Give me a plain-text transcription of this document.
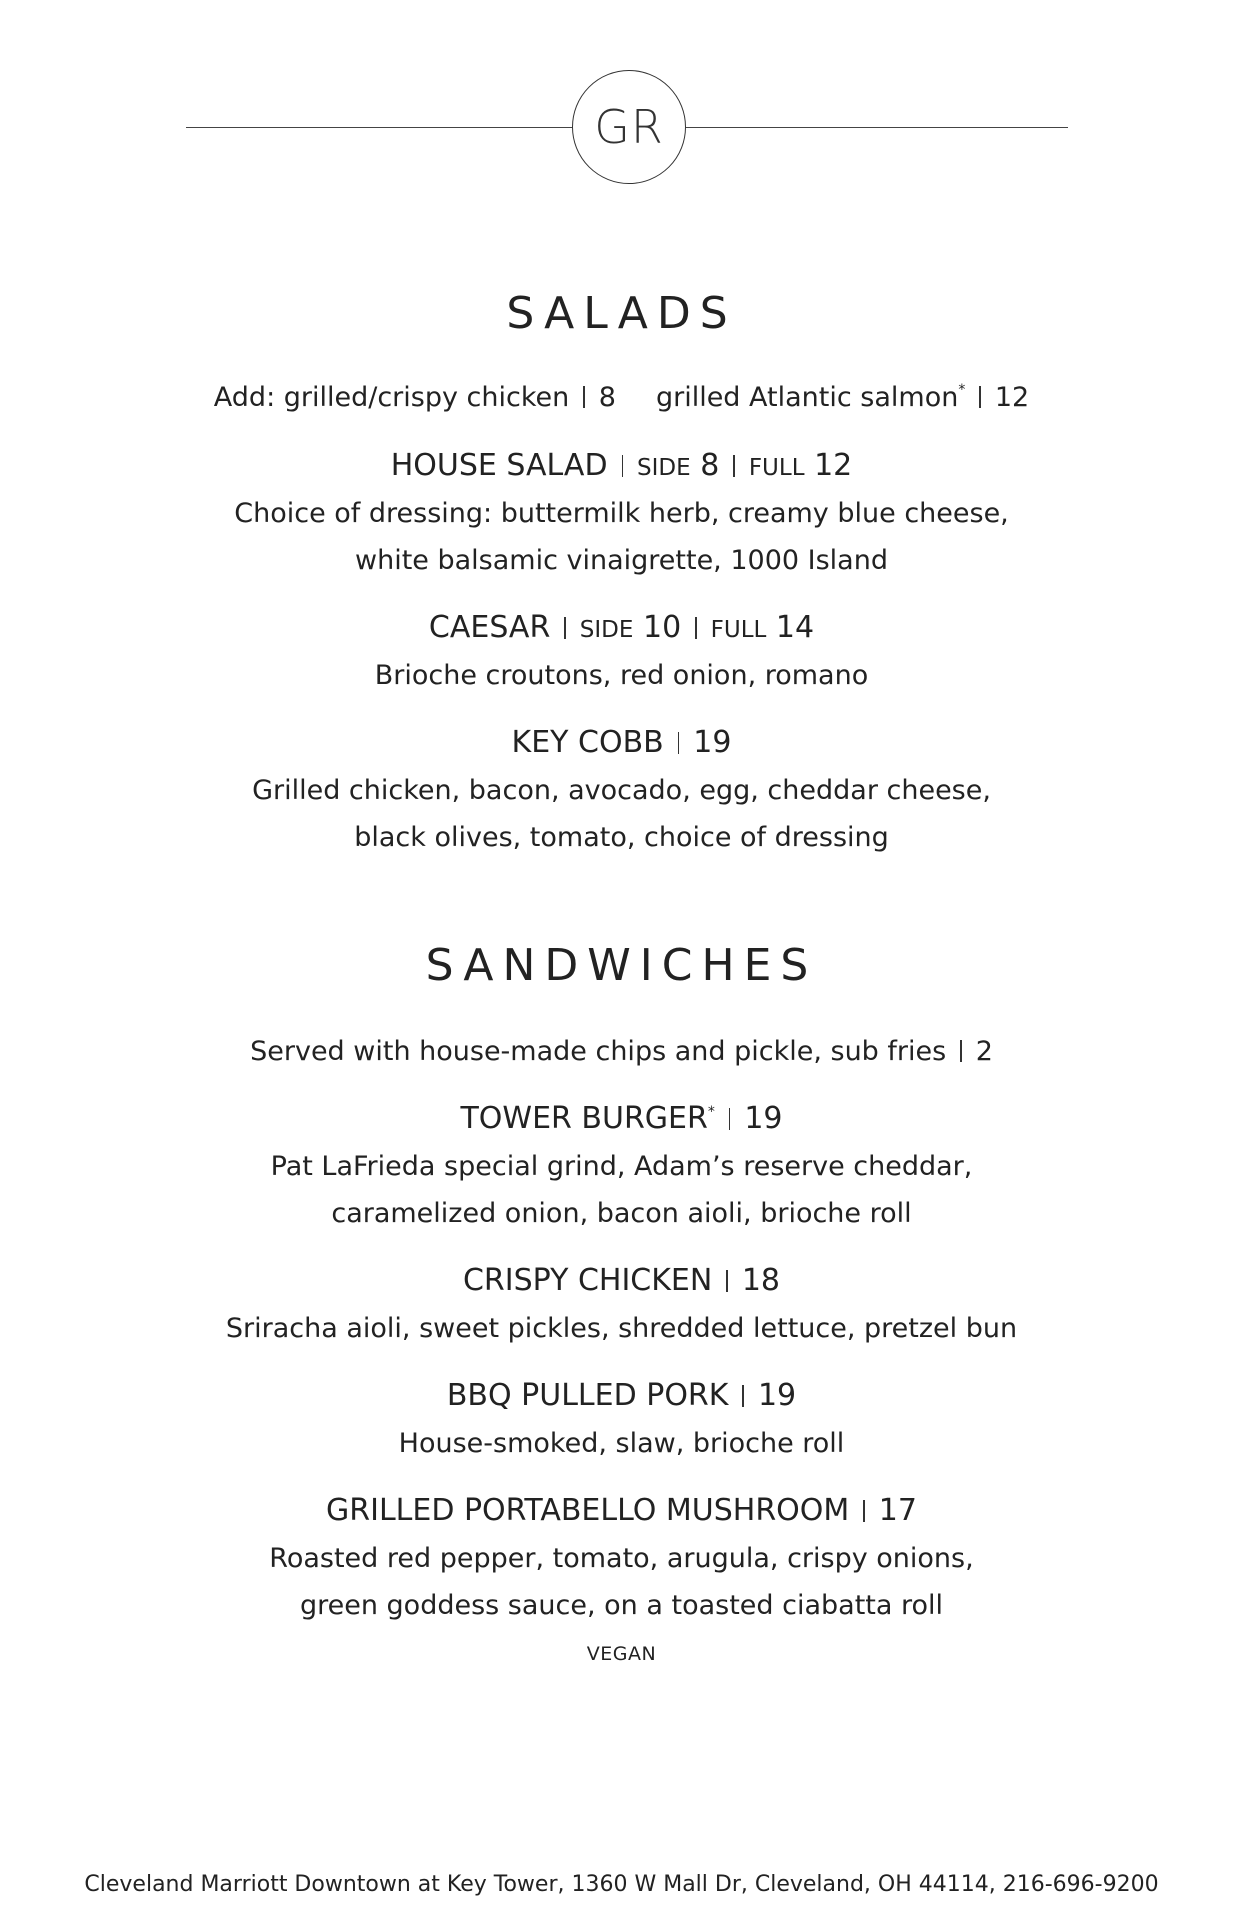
GR
SALADS
Add: grilled/crispy chicken 8 grilled Atlantic salmon* 12
HOUSE SALAD SIDE 8 FULL 12
Choice of dressing: buttermilk herb, creamy blue cheese,
white balsamic vinaigrette, 1000 Island
CAESAR SIDE 10 FULL 14
Brioche croutons, red onion, romano
KEY COBB 19
Grilled chicken, bacon, avocado, egg, cheddar cheese,
black olives, tomato, choice of dressing
SANDWICHES
Served with house-made chips and pickle, sub fries 2
TOWER BURGER* 19
Pat LaFrieda special grind, Adam’s reserve cheddar,
caramelized onion, bacon aioli, brioche roll
CRISPY CHICKEN 18
Sriracha aioli, sweet pickles, shredded lettuce, pretzel bun
BBQ PULLED PORK 19
House-smoked, slaw, brioche roll
GRILLED PORTABELLO MUSHROOM 17
Roasted red pepper, tomato, arugula, crispy onions,
green goddess sauce, on a toasted ciabatta roll
VEGAN
Cleveland Marriott Downtown at Key Tower, 1360 W Mall Dr, Cleveland, OH 44114, 216-696-9200
